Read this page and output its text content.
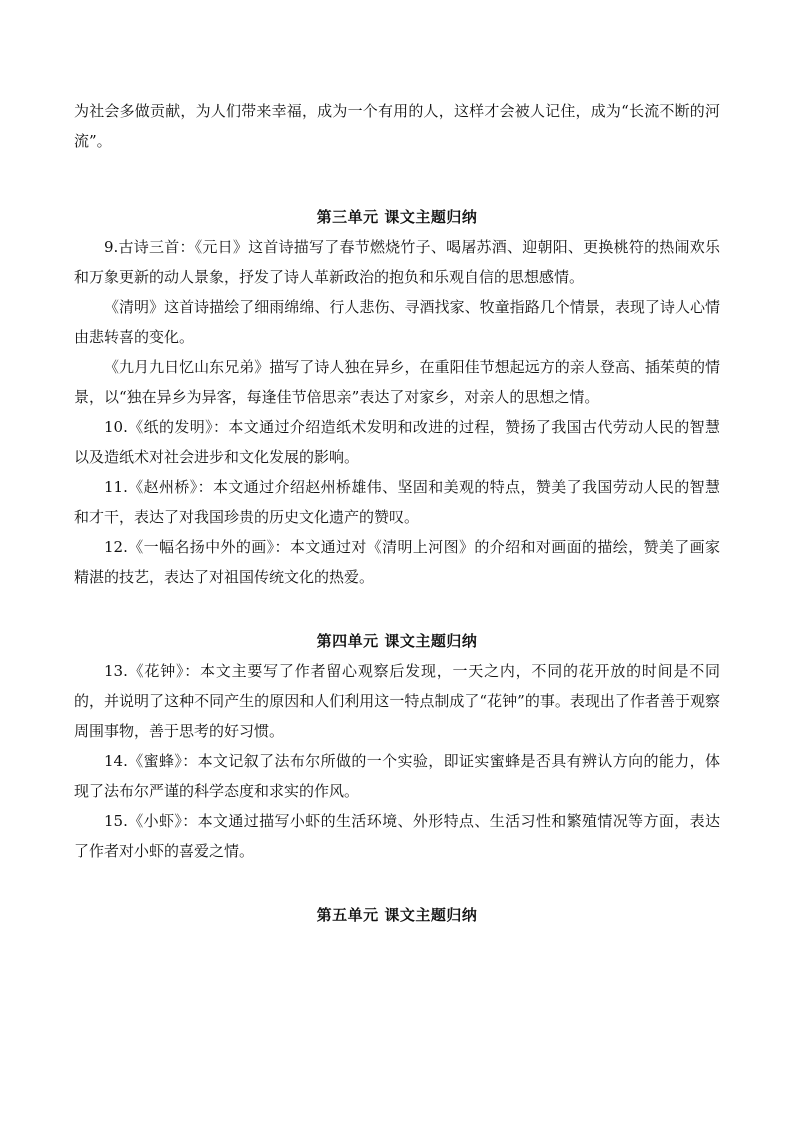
为社会多做贡献，为人们带来幸福，成为一个有用的人，这样才会被人记住，成为“长流不断的河流”。

第三单元 课文主题归纳

9.古诗三首：《元日》这首诗描写了春节燃烧竹子、喝屠苏酒、迎朝阳、更换桃符的热闹欢乐和万象更新的动人景象，抒发了诗人革新政治的抱负和乐观自信的思想感情。

《清明》这首诗描绘了细雨绵绵、行人悲伤、寻酒找家、牧童指路几个情景，表现了诗人心情由悲转喜的变化。

《九月九日忆山东兄弟》描写了诗人独在异乡，在重阳佳节想起远方的亲人登高、插茱萸的情景，以“独在异乡为异客，每逢佳节倍思亲”表达了对家乡，对亲人的思想之情。

10.《纸的发明》：本文通过介绍造纸术发明和改进的过程，赞扬了我国古代劳动人民的智慧以及造纸术对社会进步和文化发展的影响。

11.《赵州桥》：本文通过介绍赵州桥雄伟、坚固和美观的特点，赞美了我国劳动人民的智慧和才干，表达了对我国珍贵的历史文化遗产的赞叹。

12.《一幅名扬中外的画》：本文通过对《清明上河图》的介绍和对画面的描绘，赞美了画家精湛的技艺，表达了对祖国传统文化的热爱。

第四单元 课文主题归纳

13.《花钟》：本文主要写了作者留心观察后发现，一天之内，不同的花开放的时间是不同的，并说明了这种不同产生的原因和人们利用这一特点制成了“花钟”的事。表现出了作者善于观察周围事物，善于思考的好习惯。

14.《蜜蜂》：本文记叙了法布尔所做的一个实验，即证实蜜蜂是否具有辨认方向的能力，体现了法布尔严谨的科学态度和求实的作风。

15.《小虾》：本文通过描写小虾的生活环境、外形特点、生活习性和繁殖情况等方面，表达了作者对小虾的喜爱之情。

第五单元 课文主题归纳
